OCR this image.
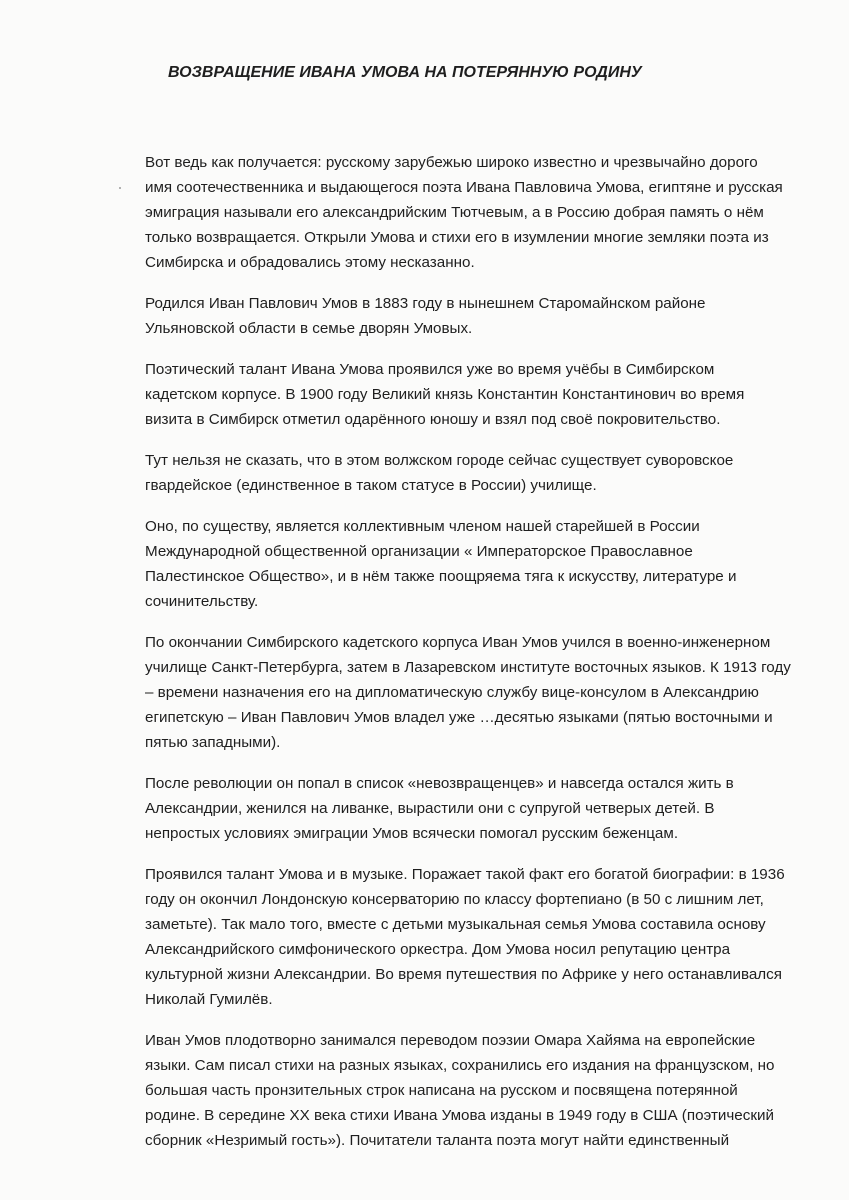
ВОЗВРАЩЕНИЕ ИВАНА УМОВА НА ПОТЕРЯННУЮ РОДИНУ
Вот ведь как получается: русскому зарубежью широко известно и чрезвычайно дорого
имя соотечественника и выдающегося поэта Ивана Павловича Умова, египтяне и русская
эмиграция называли его александрийским Тютчевым, а в Россию добрая память о нём
только возвращается. Открыли Умова и стихи его в изумлении многие земляки поэта из
Симбирска и обрадовались этому несказанно.
Родился Иван Павлович Умов в 1883 году в нынешнем Старомайнском районе
Ульяновской области в семье дворян Умовых.
Поэтический талант Ивана Умова проявился уже во время учёбы в Симбирском
кадетском корпусе. В 1900 году Великий князь Константин Константинович во время
визита в Симбирск отметил одарённого юношу и взял под своё покровительство.
Тут нельзя не сказать, что в этом волжском городе сейчас существует суворовское
гвардейское (единственное в таком статусе в России) училище.
Оно, по существу, является коллективным членом нашей старейшей в России
Международной общественной организации « Императорское Православное
Палестинское Общество», и в нём также поощряема тяга к искусству, литературе и
сочинительству.
По окончании Симбирского кадетского корпуса Иван Умов учился в военно-инженерном
училище Санкт-Петербурга, затем в Лазаревском институте восточных языков. К 1913 году
– времени назначения его на дипломатическую службу вице-консулом в Александрию
египетскую – Иван Павлович Умов владел уже …десятью языками (пятью восточными и
пятью западными).
После революции он попал в список «невозвращенцев» и навсегда остался жить в
Александрии, женился на ливанке, вырастили они с супругой четверых детей. В
непростых условиях эмиграции Умов всячески помогал русским беженцам.
Проявился талант Умова и в музыке. Поражает такой факт его богатой биографии: в 1936
году он окончил Лондонскую консерваторию по классу фортепиано (в 50 с лишним лет,
заметьте). Так мало того, вместе с детьми музыкальная семья Умова составила основу
Александрийского симфонического оркестра. Дом Умова носил репутацию центра
культурной жизни Александрии. Во время путешествия по Африке у него останавливался
Николай Гумилёв.
Иван Умов плодотворно занимался переводом поэзии Омара Хайяма на европейские
языки. Сам писал стихи на разных языках, сохранились его издания на французском, но
большая часть пронзительных строк написана на русском и посвящена потерянной
родине. В середине XX века стихи Ивана Умова изданы в 1949 году в США (поэтический
сборник «Незримый гость»). Почитатели таланта поэта могут найти единственный
